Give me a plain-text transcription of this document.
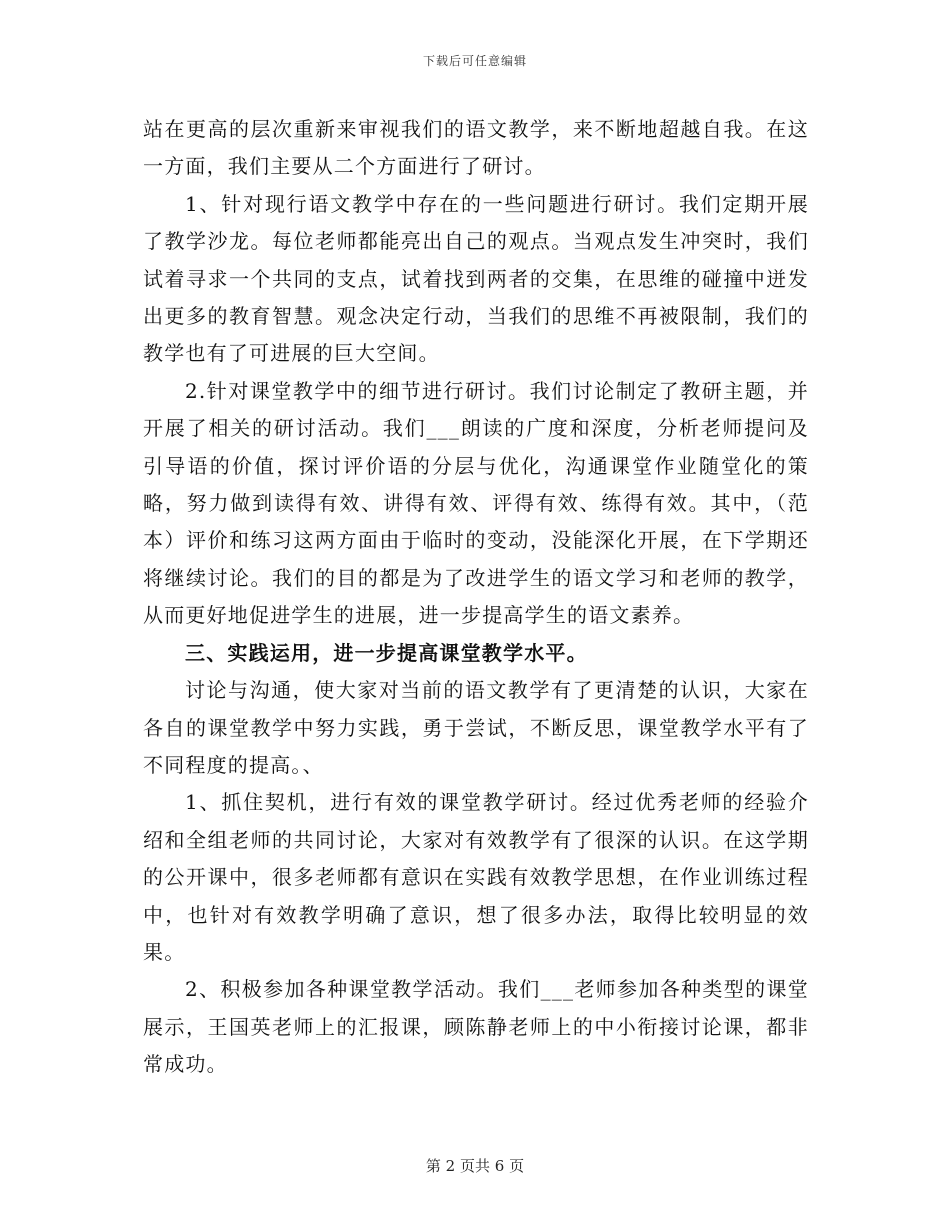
下载后可任意编辑

站在更高的层次重新来审视我们的语文教学，来不断地超越自我。在这一方面，我们主要从二个方面进行了研讨。

1、针对现行语文教学中存在的一些问题进行研讨。我们定期开展了教学沙龙。每位老师都能亮出自己的观点。当观点发生冲突时，我们试着寻求一个共同的支点，试着找到两者的交集，在思维的碰撞中迸发出更多的教育智慧。观念决定行动，当我们的思维不再被限制，我们的教学也有了可进展的巨大空间。

2.针对课堂教学中的细节进行研讨。我们讨论制定了教研主题，并开展了相关的研讨活动。我们___朗读的广度和深度，分析老师提问及引导语的价值，探讨评价语的分层与优化，沟通课堂作业随堂化的策略，努力做到读得有效、讲得有效、评得有效、练得有效。其中，（范本）评价和练习这两方面由于临时的变动，没能深化开展，在下学期还将继续讨论。我们的目的都是为了改进学生的语文学习和老师的教学，从而更好地促进学生的进展，进一步提高学生的语文素养。

三、实践运用，进一步提高课堂教学水平。

讨论与沟通，使大家对当前的语文教学有了更清楚的认识，大家在各自的课堂教学中努力实践，勇于尝试，不断反思，课堂教学水平有了不同程度的提高。、

1、抓住契机，进行有效的课堂教学研讨。经过优秀老师的经验介绍和全组老师的共同讨论，大家对有效教学有了很深的认识。在这学期的公开课中，很多老师都有意识在实践有效教学思想，在作业训练过程中，也针对有效教学明确了意识，想了很多办法，取得比较明显的效果。

2、积极参加各种课堂教学活动。我们___老师参加各种类型的课堂展示，王国英老师上的汇报课，顾陈静老师上的中小衔接讨论课，都非常成功。

第 2 页共 6 页
